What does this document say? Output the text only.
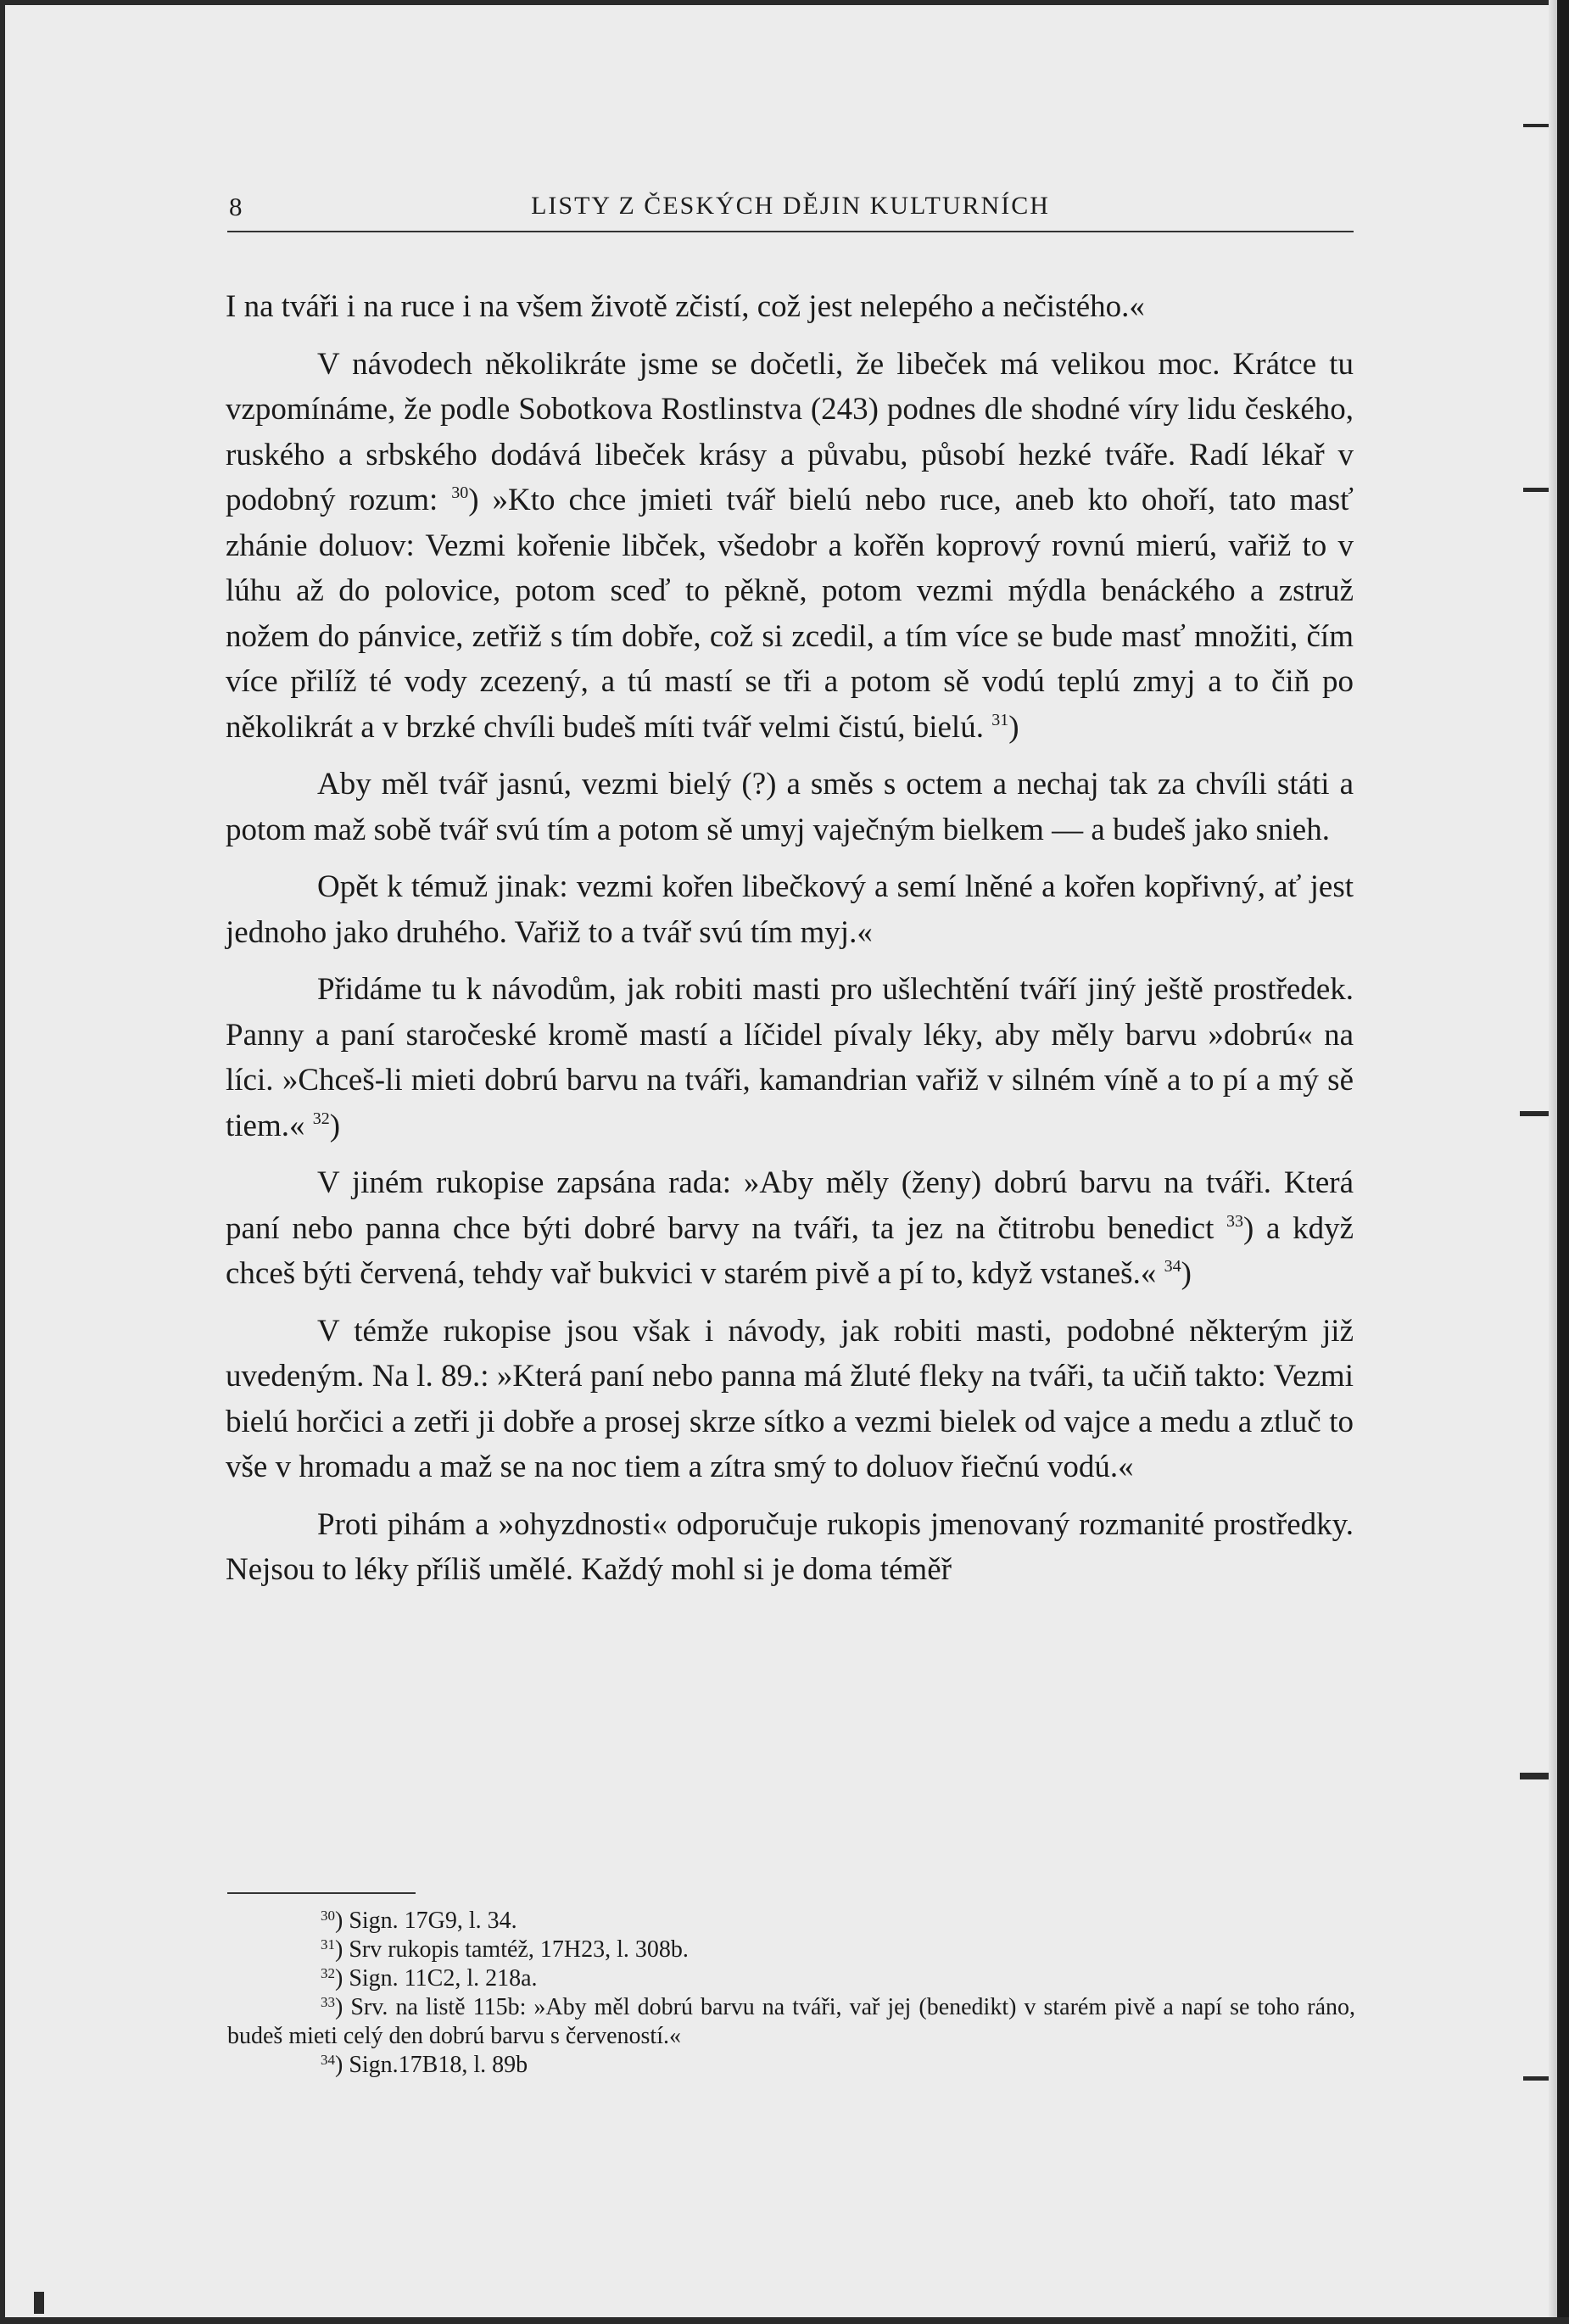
8	LISTY Z ČESKÝCH DĚJIN KULTURNÍCH

I na tváři i na ruce i na všem životě zčistí, což jest nelepého a nečistého.«

V návodech několikráte jsme se dočetli, že libeček má velikou moc. Krátce tu vzpomínáme, že podle Sobotkova Rostlinstva (243) podnes dle shodné víry lidu českého, ruského a srbského dodává libeček krásy a půvabu, působí hezké tváře. Radí lékař v podobný rozum: $^{30}$) »Kto chce jmieti tvář bielú nebo ruce, aneb kto ohoří, tato masť zhánie doluov: Vezmi kořenie libček, všedobr a kořěn koprový rovnú mierú, vařiž to v lúhu až do polovice, potom sceď to pěkně, potom vezmi mýdla benáckého a zstruž nožem do pánvice, zetřiž s tím dobře, což si zcedil, a tím více se bude masť množiti, čím více přilíž té vody zcezený, a tú mastí se tři a potom sě vodú teplú zmyj a to čiň po několikrát a v brzké chvíli budeš míti tvář velmi čistú, bielú. $^{31}$)

Aby měl tvář jasnú, vezmi bielý (?) a směs s octem a nechaj tak za chvíli státi a potom maž sobě tvář svú tím a potom sě umyj vaječným bielkem — a budeš jako snieh.

Opět k témuž jinak: vezmi kořen libečkový a semí lněné a kořen kopřivný, ať jest jednoho jako druhého. Vařiž to a tvář svú tím myj.«

Přidáme tu k návodům, jak robiti masti pro ušlechtění tváří jiný ještě prostředek. Panny a paní staročeské kromě mastí a líčidel pívaly léky, aby měly barvu »dobrú« na líci. »Chceš-li mieti dobrú barvu na tváři, kamandrian vařiž v silném víně a to pí a mý sě tiem.« $^{32}$)

V jiném rukopise zapsána rada: »Aby měly (ženy) dobrú barvu na tváři. Která paní nebo panna chce býti dobré barvy na tváři, ta jez na čtitrobu benedict $^{33}$) a když chceš býti červená, tehdy vař bukvici v starém pivě a pí to, když vstaneš.« $^{34}$)

V témže rukopise jsou však i návody, jak robiti masti, podobné některým již uvedeným. Na l. 89.: »Která paní nebo panna má žluté fleky na tváři, ta učiň takto: Vezmi bielú horčici a zetři ji dobře a prosej skrze sítko a vezmi bielek od vajce a medu a ztluč to vše v hromadu a maž se na noc tiem a zítra smý to doluov řiečnú vodú.«

Proti pihám a »ohyzdnosti« odporučuje rukopis jmenovaný rozmanité prostředky. Nejsou to léky příliš umělé. Každý mohl si je doma téměř

$^{30}$) Sign. 17G9, l. 34.

$^{31}$) Srv rukopis tamtéž, 17H23, l. 308b.

$^{32}$) Sign. 11C2, l. 218a.

$^{33}$) Srv. na listě 115b: »Aby měl dobrú barvu na tváři, vař jej (benedikt) v starém pivě a napí se toho ráno, budeš mieti celý den dobrú barvu s červeností.«

$^{34}$) Sign.17B18, l. 89b
